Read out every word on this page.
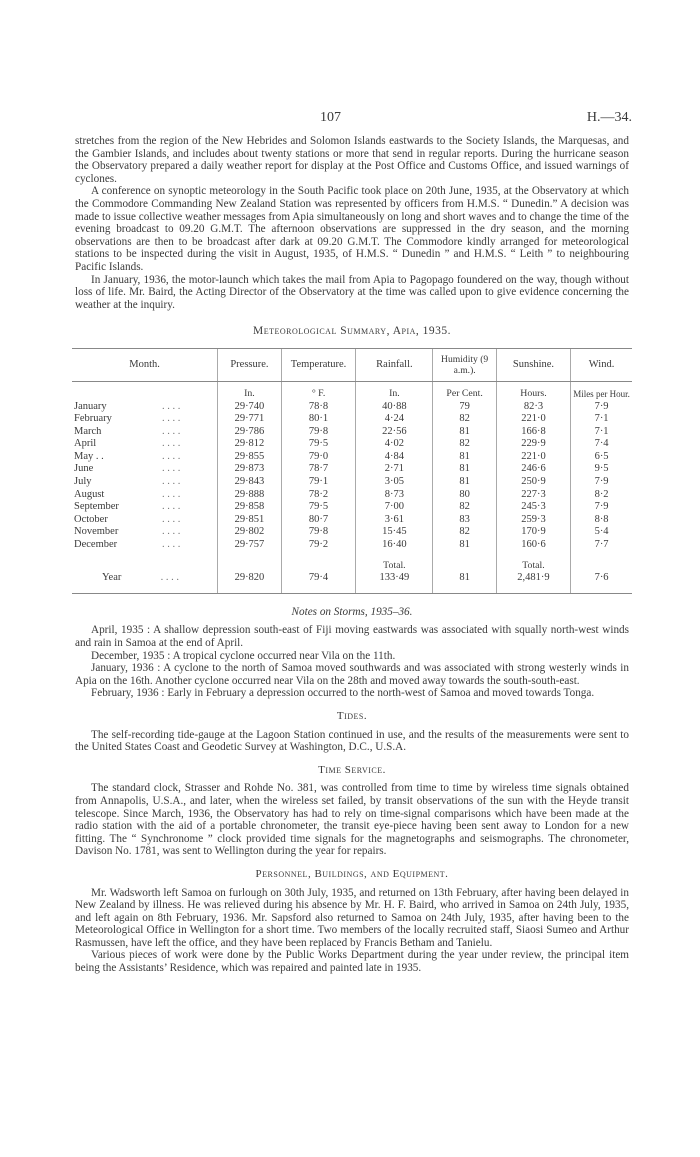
107	H.—34.

stretches from the region of the New Hebrides and Solomon Islands eastwards to the Society Islands, the Marquesas, and the Gambier Islands, and includes about twenty stations or more that send in regular reports. During the hurricane season the Observatory prepared a daily weather report for display at the Post Office and Customs Office, and issued warnings of cyclones.

A conference on synoptic meteorology in the South Pacific took place on 20th June, 1935, at the Observatory at which the Commodore Commanding New Zealand Station was represented by officers from H.M.S. “ Dunedin.” A decision was made to issue collective weather messages from Apia simultaneously on long and short waves and to change the time of the evening broadcast to 09.20 G.M.T. The afternoon observations are suppressed in the dry season, and the morning observations are then to be broadcast after dark at 09.20 G.M.T. The Commodore kindly arranged for meteorological stations to be inspected during the visit in August, 1935, of H.M.S. “ Dunedin ” and H.M.S. “ Leith ” to neighbouring Pacific Islands.

In January, 1936, the motor-launch which takes the mail from Apia to Pagopago foundered on the way, though without loss of life. Mr. Baird, the Acting Director of the Observatory at the time was called upon to give evidence concerning the weather at the inquiry.

Meteorological Summary, Apia, 1935.
Month.	Pressure.	Temperature.	Rainfall.	Humidity (9 a.m.).	Sunshine.	Wind.
	In.	° F.	In.	Per Cent.	Hours.	Miles per Hour.
January . . . .	29·740	78·8	40·88	79	82·3	7·9
February . . . .	29·771	80·1	4·24	82	221·0	7·1
March . . . .	29·786	79·8	22·56	81	166·8	7·1
April . . . .	29·812	79·5	4·02	82	229·9	7·4
May . . . . . .	29·855	79·0	4·84	81	221·0	6·5
June . . . .	29·873	78·7	2·71	81	246·6	9·5
July . . . .	29·843	79·1	3·05	81	250·9	7·9
August . . . .	29·888	78·2	8·73	80	227·3	8·2
September . . . .	29·858	79·5	7·00	82	245·3	7·9
October . . . .	29·851	80·7	3·61	83	259·3	8·8
November . . . .	29·802	79·8	15·45	82	170·9	5·4
December . . . .	29·757	79·2	16·40	81	160·6	7·7
			Total.		Total.	
Year . . . .	29·820	79·4	133·49	81	2,481·9	7·6
Notes on Storms, 1935–36.

April, 1935 : A shallow depression south-east of Fiji moving eastwards was associated with squally north-west winds and rain in Samoa at the end of April.

December, 1935 : A tropical cyclone occurred near Vila on the 11th.

January, 1936 : A cyclone to the north of Samoa moved southwards and was associated with strong westerly winds in Apia on the 16th. Another cyclone occurred near Vila on the 28th and moved away towards the south-south-east.

February, 1936 : Early in February a depression occurred to the north-west of Samoa and moved towards Tonga.

Tides.

The self-recording tide-gauge at the Lagoon Station continued in use, and the results of the measurements were sent to the United States Coast and Geodetic Survey at Washington, D.C., U.S.A.

Time Service.

The standard clock, Strasser and Rohde No. 381, was controlled from time to time by wireless time signals obtained from Annapolis, U.S.A., and later, when the wireless set failed, by transit observations of the sun with the Heyde transit telescope. Since March, 1936, the Observatory has had to rely on time-signal comparisons which have been made at the radio station with the aid of a portable chronometer, the transit eye-piece having been sent away to London for a new fitting. The “ Synchronome ” clock provided time signals for the magnetographs and seismographs. The chronometer, Davison No. 1781, was sent to Wellington during the year for repairs.

Personnel, Buildings, and Equipment.

Mr. Wadsworth left Samoa on furlough on 30th July, 1935, and returned on 13th February, after having been delayed in New Zealand by illness. He was relieved during his absence by Mr. H. F. Baird, who arrived in Samoa on 24th July, 1935, and left again on 8th February, 1936. Mr. Sapsford also returned to Samoa on 24th July, 1935, after having been to the Meteorological Office in Wellington for a short time. Two members of the locally recruited staff, Siaosi Sumeo and Arthur Rasmussen, have left the office, and they have been replaced by Francis Betham and Tanielu.

Various pieces of work were done by the Public Works Department during the year under review, the principal item being the Assistants’ Residence, which was repaired and painted late in 1935.
